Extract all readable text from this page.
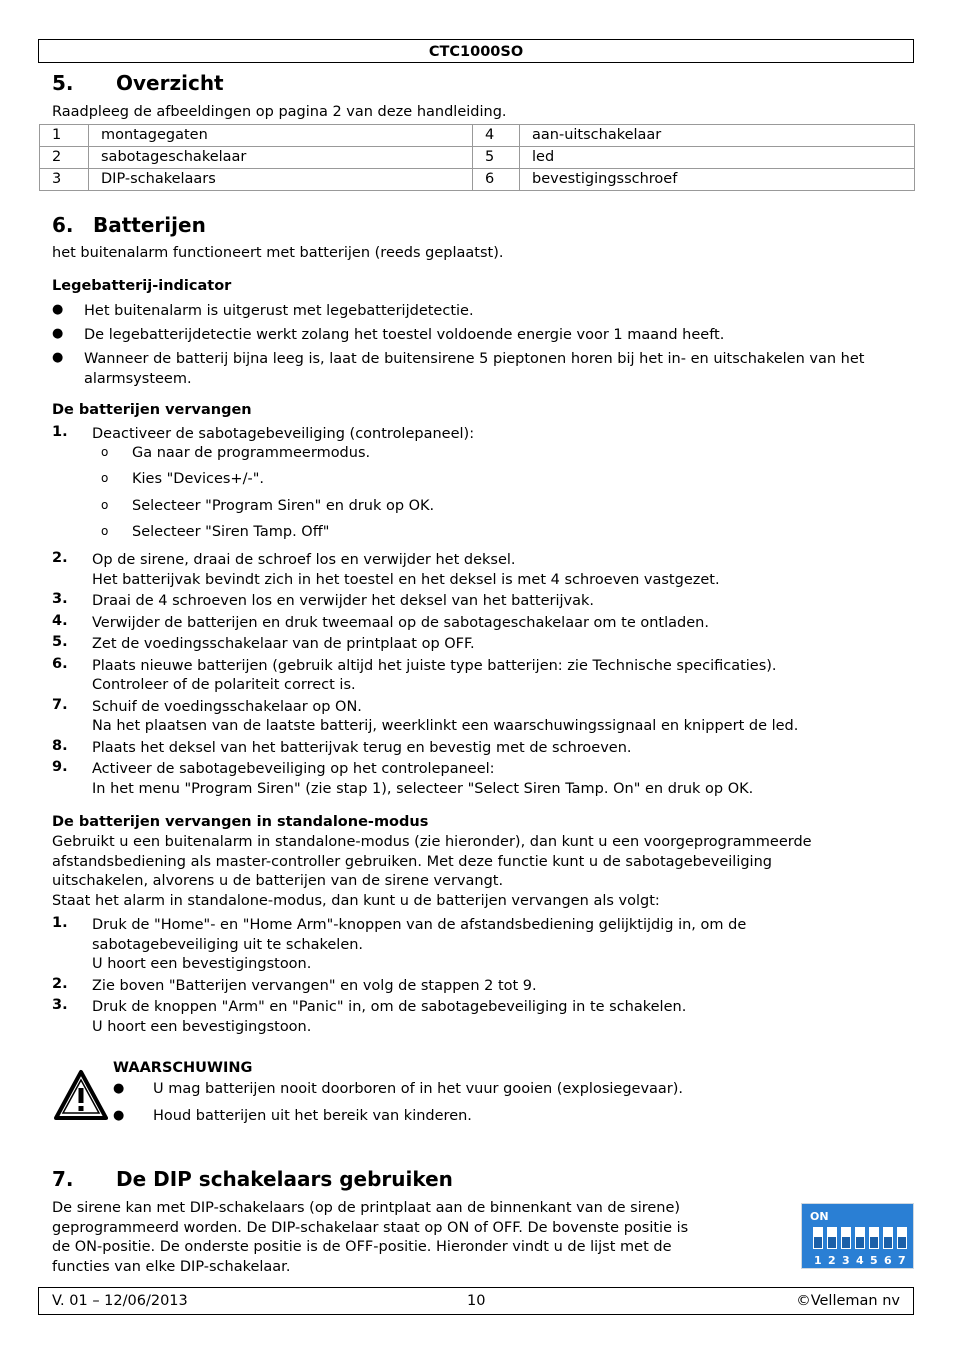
CTC1000SO
5. Overzicht
Raadpleeg de afbeeldingen op pagina 2 van deze handleiding.
1	montagegaten	4	aan-uitschakelaar
2	sabotageschakelaar	5	led
3	DIP-schakelaars	6	bevestigingsschroef
6. Batterijen
het buitenalarm functioneert met batterijen (reeds geplaatst).
Legebatterij-indicator
● Het buitenalarm is uitgerust met legebatterijdetectie.
● De legebatterijdetectie werkt zolang het toestel voldoende energie voor 1 maand heeft.
● Wanneer de batterij bijna leeg is, laat de buitensirene 5 pieptonen horen bij het in- en uitschakelen van het alarmsysteem.
De batterijen vervangen
1. Deactiveer de sabotagebeveiliging (controlepaneel):
o Ga naar de programmeermodus.
o Kies "Devices+/-".
o Selecteer "Program Siren" en druk op OK.
o Selecteer "Siren Tamp. Off"
2. Op de sirene, draai de schroef los en verwijder het deksel.
Het batterijvak bevindt zich in het toestel en het deksel is met 4 schroeven vastgezet.
3. Draai de 4 schroeven los en verwijder het deksel van het batterijvak.
4. Verwijder de batterijen en druk tweemaal op de sabotageschakelaar om te ontladen.
5. Zet de voedingsschakelaar van de printplaat op OFF.
6. Plaats nieuwe batterijen (gebruik altijd het juiste type batterijen: zie Technische specificaties).
Controleer of de polariteit correct is.
7. Schuif de voedingsschakelaar op ON.
Na het plaatsen van de laatste batterij, weerklinkt een waarschuwingssignaal en knippert de led.
8. Plaats het deksel van het batterijvak terug en bevestig met de schroeven.
9. Activeer de sabotagebeveiliging op het controlepaneel:
In het menu "Program Siren" (zie stap 1), selecteer "Select Siren Tamp. On" en druk op OK.
De batterijen vervangen in standalone-modus
Gebruikt u een buitenalarm in standalone-modus (zie hieronder), dan kunt u een voorgeprogrammeerde
afstandsbediening als master-controller gebruiken. Met deze functie kunt u de sabotagebeveiliging
uitschakelen, alvorens u de batterijen van de sirene vervangt.
Staat het alarm in standalone-modus, dan kunt u de batterijen vervangen als volgt:
1. Druk de "Home"- en "Home Arm"-knoppen van de afstandsbediening gelijktijdig in, om de
sabotagebeveiliging uit te schakelen.
U hoort een bevestigingstoon.
2. Zie boven "Batterijen vervangen" en volg de stappen 2 tot 9.
3. Druk de knoppen "Arm" en "Panic" in, om de sabotagebeveiliging in te schakelen.
U hoort een bevestigingstoon.
WAARSCHUWING
● U mag batterijen nooit doorboren of in het vuur gooien (explosiegevaar).
● Houd batterijen uit het bereik van kinderen.
7. De DIP schakelaars gebruiken
De sirene kan met DIP-schakelaars (op de printplaat aan de binnenkant van de sirene)
geprogrammeerd worden. De DIP-schakelaar staat op ON of OFF. De bovenste positie is
de ON-positie. De onderste positie is de OFF-positie. Hieronder vindt u de lijst met de
functies van elke DIP-schakelaar.
ON
1 2 3 4 5 6 7
V. 01 – 12/06/2013	10	©Velleman nv
